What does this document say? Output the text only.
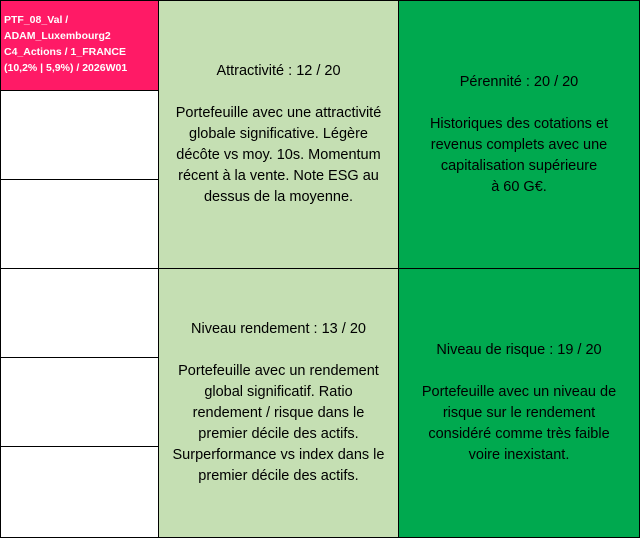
PTF_08_Val /
ADAM_Luxembourg2
C4_Actions / 1_FRANCE
(10,2% | 5,9%) / 2026W01	Attractivité : 12 / 20
Portefeuille avec une attractivité
globale significative. Légère
décôte vs moy. 10s. Momentum
récent à la vente. Note ESG au
dessus de la moyenne.
Pérennité : 20 / 20
Historiques des cotations et
revenus complets avec une
capitalisation supérieure
à 60 G€.
Niveau rendement : 13 / 20
Portefeuille avec un rendement
global significatif. Ratio
rendement / risque dans le
premier décile des actifs.
Surperformance vs index dans le
premier décile des actifs.
Niveau de risque : 19 / 20
Portefeuille avec un niveau de
risque sur le rendement
considéré comme très faible
voire inexistant.
